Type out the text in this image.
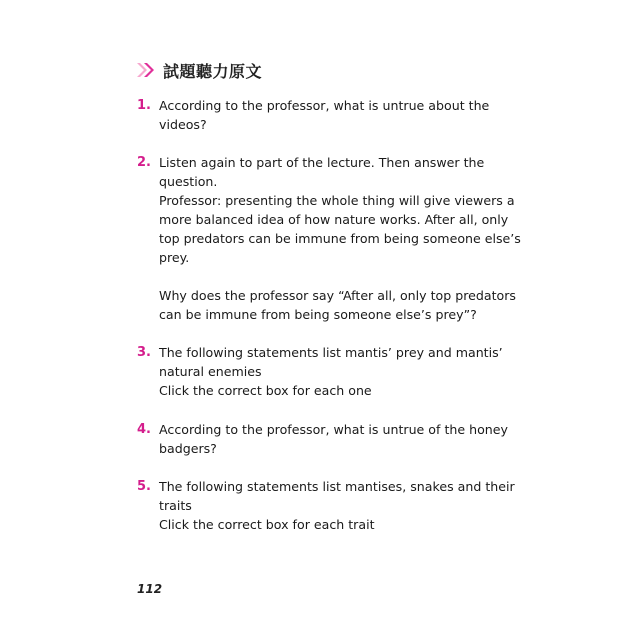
試題聽力原文
1. According to the professor, what is untrue about the
videos?
2. Listen again to part of the lecture. Then answer the
question.
Professor: presenting the whole thing will give viewers a
more balanced idea of how nature works. After all, only
top predators can be immune from being someone else’s
prey.
Why does the professor say “After all, only top predators
can be immune from being someone else’s prey”?
3. The following statements list mantis’ prey and mantis’
natural enemies
Click the correct box for each one
4. According to the professor, what is untrue of the honey
badgers?
5. The following statements list mantises, snakes and their
traits
Click the correct box for each trait
112
